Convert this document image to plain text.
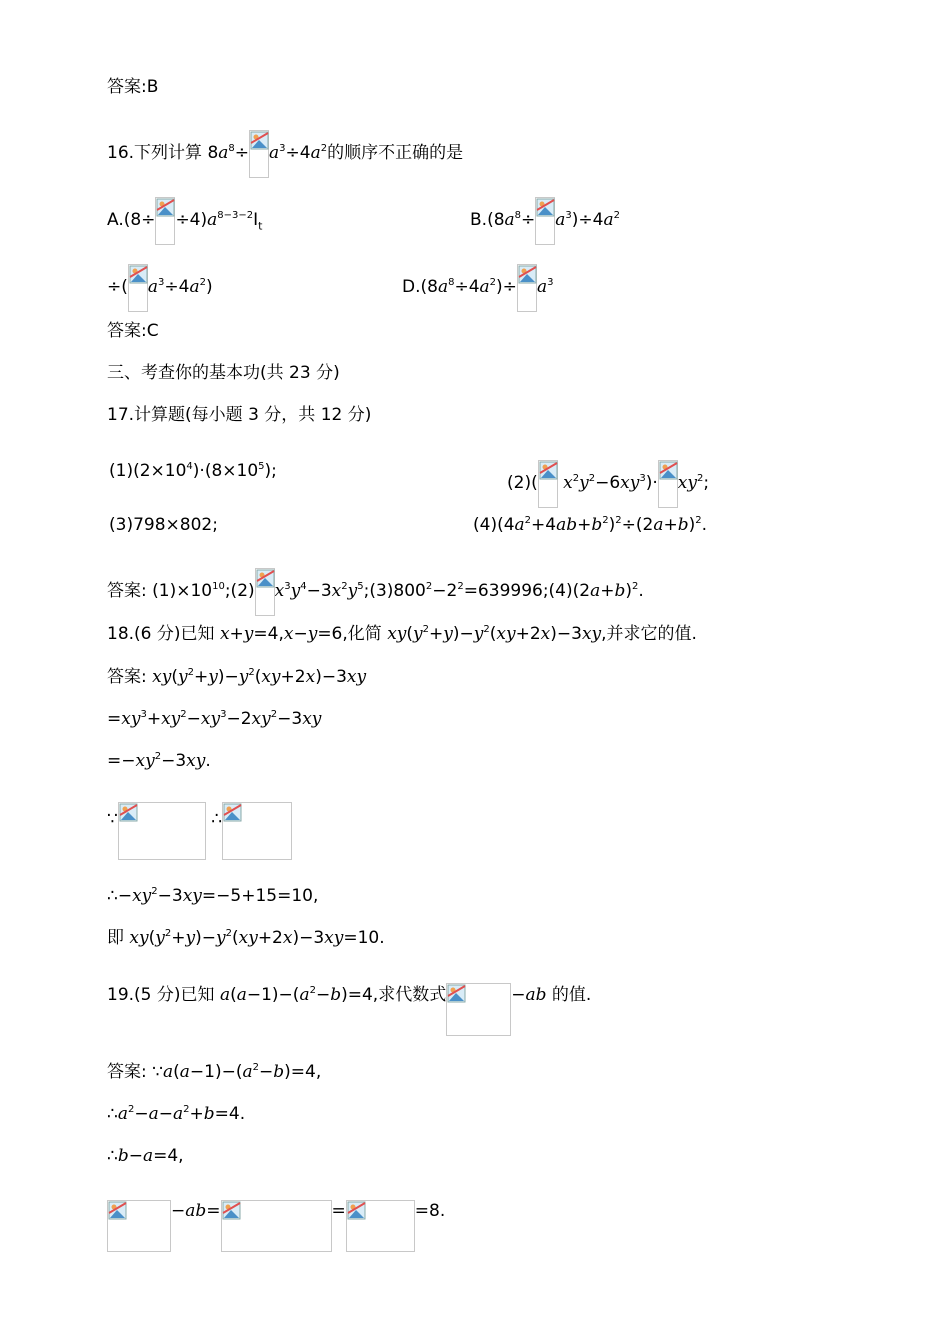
答案:B
16.下列计算 $8a^8\div a^3\div 4a^2$的顺序不正确的是
$A.(8\div \div 4)a^{8-3-2}I_t$	$B.(8a^8\div a^3)\div 4a^2$
÷( $a^3\div 4a^2$)	$D.(8a^8\div 4a^2)\div a^3$
答案:C
三、考查你的基本功(共 23 分)
17.计算题(每小题 3 分，共 12 分)
$(1)(2\times 10^4)\cdot(8\times 10^5)$;
(2)( $x^2y^2-6xy^3)\cdot xy^2$;
(3)798×802;	$(4)(4a^2+4ab+b^2)^2\div(2a+b)^2$.
答案: $(1)\times 10^{10};(2)$ $x^3y^4-3x^2y^5;(3)800^2-2^2=639996;(4)(2a+b)^2$.
18.(6 分)已知 x+y=4,x−y=6,化简 $xy(y^2+y)-y^2(xy+2x)-3xy$,并求它的值.
答案: $xy(y^2+y)-y^2(xy+2x)-3xy$
$=xy^3+xy^2-xy^3-2xy^2-3xy$
$=-xy^2-3xy$.
∵	∴
$\therefore-xy^2-3xy=-5+15=10$,
即 $xy(y^2+y)-y^2(xy+2x)-3xy=10$.
19.(5 分)已知 $a(a-1)-(a^2-b)=4$,求代数式	−ab 的值.
答案: $\because a(a-1)-(a^2-b)=4$,
$\therefore a^2-a-a^2+b=4$.
∴b−a=4,
−ab=	=	=8.
